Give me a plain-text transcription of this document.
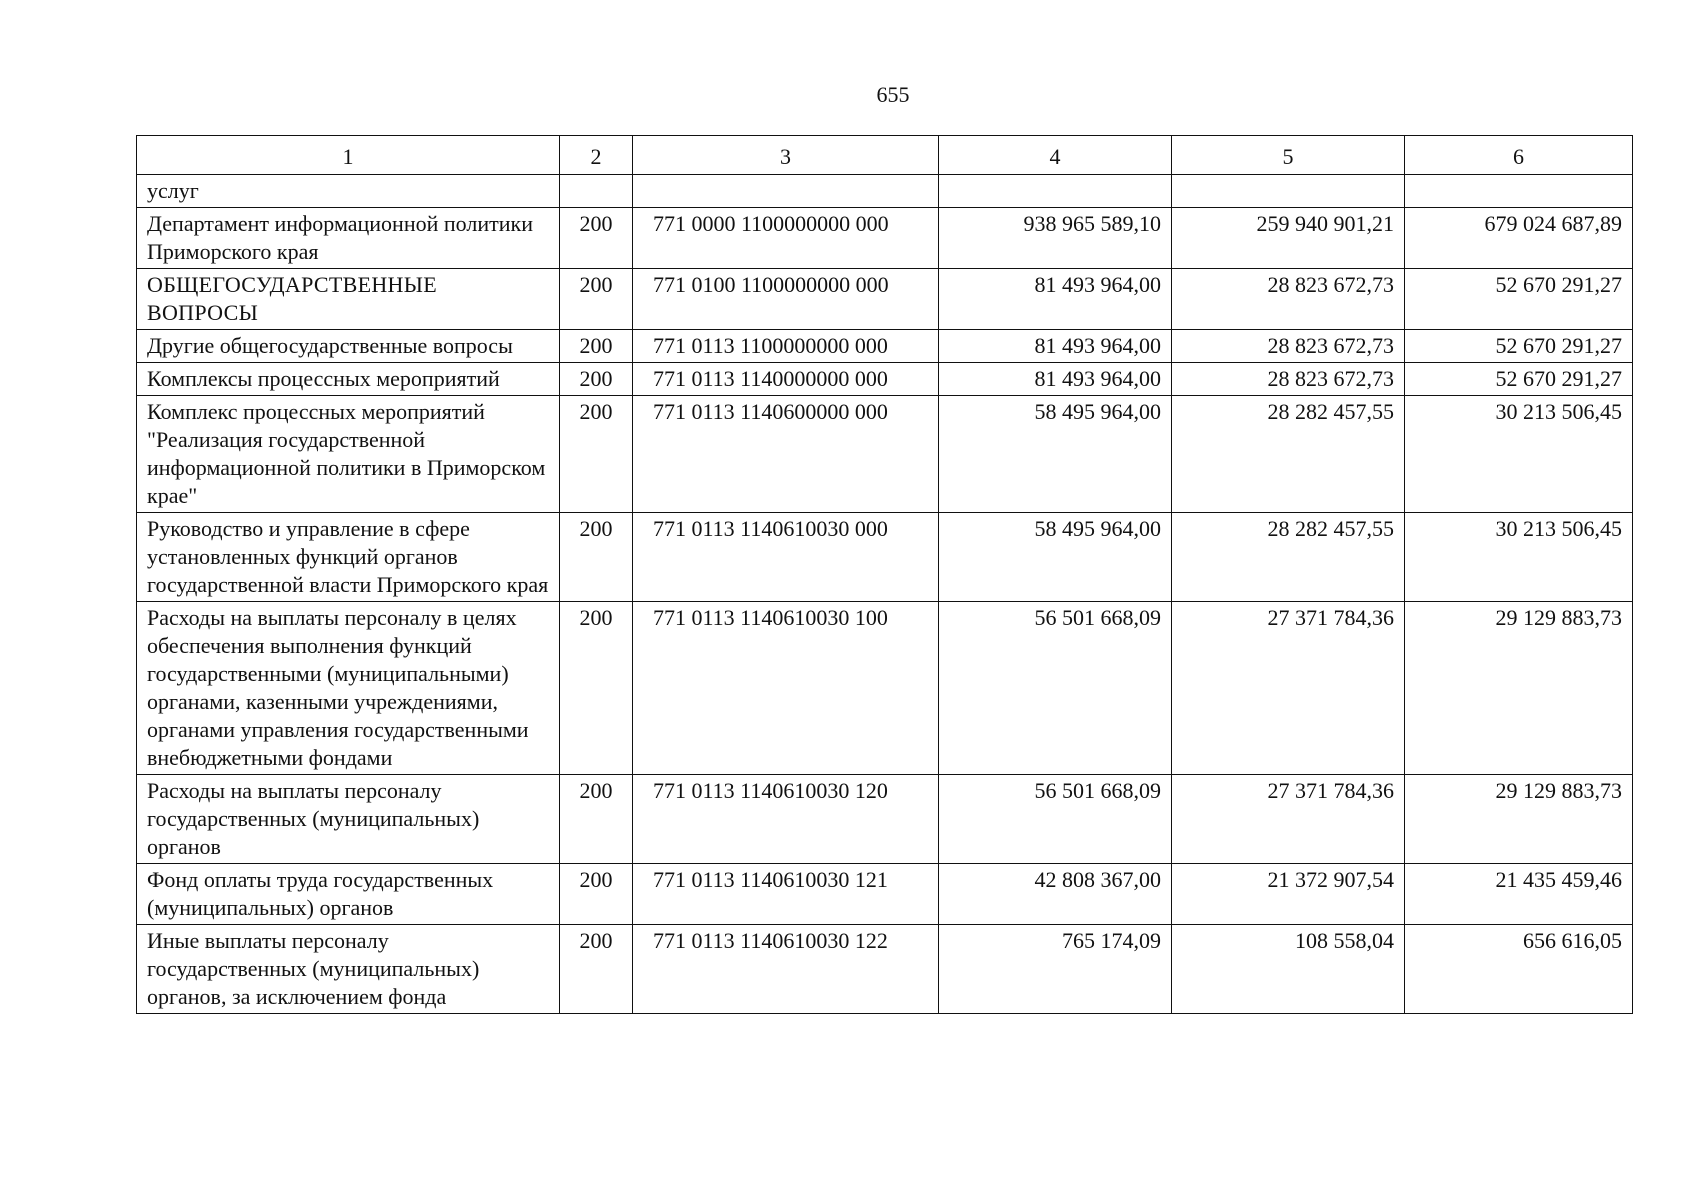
655
1	2	3	4	5	6
услуг					
Департамент информационной политики Приморского края	200	771 0000 1100000000 000	938 965 589,10	259 940 901,21	679 024 687,89
ОБЩЕГОСУДАРСТВЕННЫЕ ВОПРОСЫ	200	771 0100 1100000000 000	81 493 964,00	28 823 672,73	52 670 291,27
Другие общегосударственные вопросы	200	771 0113 1100000000 000	81 493 964,00	28 823 672,73	52 670 291,27
Комплексы процессных мероприятий	200	771 0113 1140000000 000	81 493 964,00	28 823 672,73	52 670 291,27
Комплекс процессных мероприятий "Реализация государственной информационной политики в Приморском крае"	200	771 0113 1140600000 000	58 495 964,00	28 282 457,55	30 213 506,45
Руководство и управление в сфере установленных функций органов государственной власти Приморского края	200	771 0113 1140610030 000	58 495 964,00	28 282 457,55	30 213 506,45
Расходы на выплаты персоналу в целях обеспечения выполнения функций государственными (муниципальными) органами, казенными учреждениями, органами управления государственными внебюджетными фондами	200	771 0113 1140610030 100	56 501 668,09	27 371 784,36	29 129 883,73
Расходы на выплаты персоналу государственных (муниципальных) органов	200	771 0113 1140610030 120	56 501 668,09	27 371 784,36	29 129 883,73
Фонд оплаты труда государственных (муниципальных) органов	200	771 0113 1140610030 121	42 808 367,00	21 372 907,54	21 435 459,46
Иные выплаты персоналу государственных (муниципальных) органов, за исключением фонда	200	771 0113 1140610030 122	765 174,09	108 558,04	656 616,05
